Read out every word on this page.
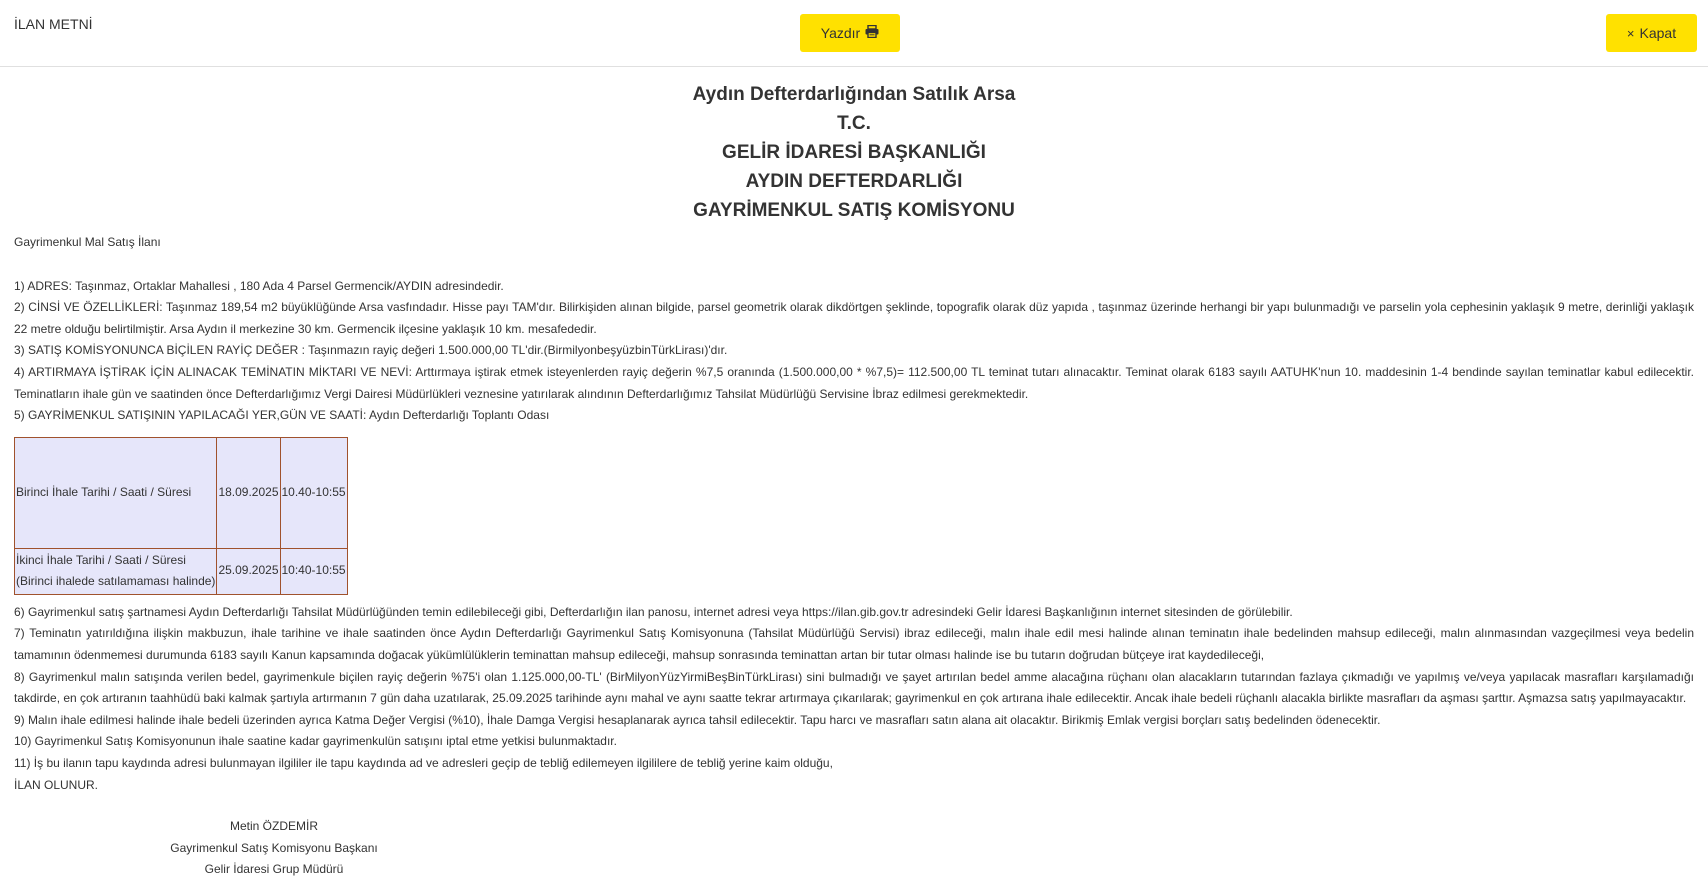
İLAN METNİ
Yazdır	× Kapat
Aydın Defterdarlığından Satılık Arsa
T.C.
GELİR İDARESİ BAŞKANLIĞI
AYDIN DEFTERDARLIĞI
GAYRİMENKUL SATIŞ KOMİSYONU

Gayrimenkul Mal Satış İlanı

1) ADRES: Taşınmaz, Ortaklar Mahallesi , 180 Ada 4 Parsel Germencik/AYDIN adresindedir.

2) CİNSİ VE ÖZELLİKLERİ: Taşınmaz 189,54 m2 büyüklüğünde Arsa vasfındadır. Hisse payı TAM'dır. Bilirkişiden alınan bilgide, parsel geometrik olarak dikdörtgen şeklinde, topografik olarak düz yapıda , taşınmaz üzerinde herhangi bir yapı bulunmadığı ve parselin yola cephesinin yaklaşık 9 metre, derinliği yaklaşık 22 metre olduğu belirtilmiştir. Arsa Aydın il merkezine 30 km. Germencik ilçesine yaklaşık 10 km. mesafededir.

3) SATIŞ KOMİSYONUNCA BİÇİLEN RAYİÇ DEĞER : Taşınmazın rayiç değeri 1.500.000,00 TL'dir.(BirmilyonbeşyüzbinTürkLirası)'dır.

4) ARTIRMAYA İŞTİRAK İÇİN ALINACAK TEMİNATIN MİKTARI VE NEVİ: Arttırmaya iştirak etmek isteyenlerden rayiç değerin %7,5 oranında (1.500.000,00 * %7,5)= 112.500,00 TL teminat tutarı alınacaktır. Teminat olarak 6183 sayılı AATUHK'nun 10. maddesinin 1-4 bendinde sayılan teminatlar kabul edilecektir. Teminatların ihale gün ve saatinden önce Defterdarlığımız Vergi Dairesi Müdürlükleri veznesine yatırılarak alındının Defterdarlığımız Tahsilat Müdürlüğü Servisine İbraz edilmesi gerekmektedir.

5) GAYRİMENKUL SATIŞININ YAPILACAĞI YER,GÜN VE SAATİ: Aydın Defterdarlığı Toplantı Odası

Birinci İhale Tarihi / Saati / Süresi	18.09.2025	10.40-10:55
İkinci İhale Tarihi / Saati / Süresi
(Birinci ihalede satılamaması halinde)	25.09.2025	10:40-10:55

6) Gayrimenkul satış şartnamesi Aydın Defterdarlığı Tahsilat Müdürlüğünden temin edilebileceği gibi, Defterdarlığın ilan panosu, internet adresi veya https://ilan.gib.gov.tr adresindeki Gelir İdaresi Başkanlığının internet sitesinden de görülebilir.

7) Teminatın yatırıldığına ilişkin makbuzun, ihale tarihine ve ihale saatinden önce Aydın Defterdarlığı Gayrimenkul Satış Komisyonuna (Tahsilat Müdürlüğü Servisi) ibraz edileceği, malın ihale edil mesi halinde alınan teminatın ihale bedelinden mahsup edileceği, malın alınmasından vazgeçilmesi veya bedelin tamamının ödenmemesi durumunda 6183 sayılı Kanun kapsamında doğacak yükümlülüklerin teminattan mahsup edileceği, mahsup sonrasında teminattan artan bir tutar olması halinde ise bu tutarın doğrudan bütçeye irat kaydedileceği,

8) Gayrimenkul malın satışında verilen bedel, gayrimenkule biçilen rayiç değerin %75'i olan 1.125.000,00-TL' (BirMilyonYüzYirmiBeşBinTürkLirası) sini bulmadığı ve şayet artırılan bedel amme alacağına rüçhanı olan alacakların tutarından fazlaya çıkmadığı ve yapılmış ve/veya yapılacak masrafları karşılamadığı takdirde, en çok artıranın taahhüdü baki kalmak şartıyla artırmanın 7 gün daha uzatılarak, 25.09.2025 tarihinde aynı mahal ve aynı saatte tekrar artırmaya çıkarılarak; gayrimenkul en çok artırana ihale edilecektir. Ancak ihale bedeli rüçhanlı alacakla birlikte masrafları da aşması şarttır. Aşmazsa satış yapılmayacaktır.

9) Malın ihale edilmesi halinde ihale bedeli üzerinden ayrıca Katma Değer Vergisi (%10), İhale Damga Vergisi hesaplanarak ayrıca tahsil edilecektir. Tapu harcı ve masrafları satın alana ait olacaktır. Birikmiş Emlak vergisi borçları satış bedelinden ödenecektir.

10) Gayrimenkul Satış Komisyonunun ihale saatine kadar gayrimenkulün satışını iptal etme yetkisi bulunmaktadır.

11) İş bu ilanın tapu kaydında adresi bulunmayan ilgililer ile tapu kaydında ad ve adresleri geçip de tebliğ edilemeyen ilgililere de tebliğ yerine kaim olduğu,

İLAN OLUNUR.

Metin ÖZDEMİR
Gayrimenkul Satış Komisyonu Başkanı
Gelir İdaresi Grup Müdürü
